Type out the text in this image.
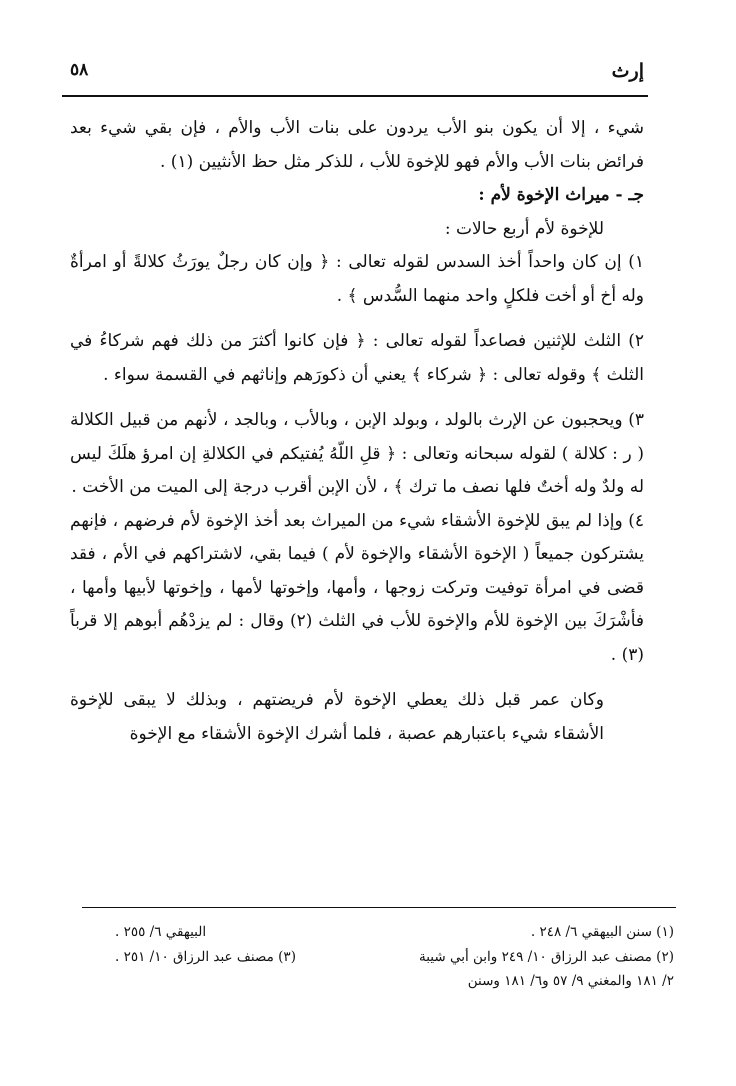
إرث
٥٨

شيء ، إلا أن يكون بنو الأب يردون على بنات الأب والأم ، فإن بقي شيء بعد فرائض بنات الأب والأم فهو للإخوة للأب ، للذكر مثل حظ الأنثيين (١) .

جـ - ميراث الإخوة لأم :

للإخوة لأم أربع حالات :

١) إن كان واحداً أخذ السدس لقوله تعالى : ﴿ وإن كان رجلٌ يورَثُ كلالةً أو امرأةٌ وله أخ أو أخت فلكلٍ واحد منهما السُّدس ﴾ .

٢) الثلث للإثنين فصاعداً لقوله تعالى : ﴿ فإن كانوا أكثرَ من ذلك فهم شركاءُ في الثلث ﴾ وقوله تعالى : ﴿ شركاء ﴾ يعني أن ذكورَهم وإناثهم في القسمة سواء .

٣) ويحجبون عن الإرث بالولد ، وبولد الإبن ، وبالأب ، وبالجد ، لأنهم من قبيل الكلالة ( ر : كلالة ) لقوله سبحانه وتعالى : ﴿ قلِ اللّهُ يُفتيكم في الكلالةِ إن امرؤ هلَكَ ليس له ولدٌ وله أختٌ فلها نصف ما ترك ﴾ ، لأن الإبن أقرب درجة إلى الميت من الأخت .

٤) وإذا لم يبق للإخوة الأشقاء شيء من الميراث بعد أخذ الإخوة لأم فرضهم ، فإنهم يشتركون جميعاً ( الإخوة الأشقاء والإخوة لأم ) فيما بقي، لاشتراكهم في الأم ، فقد قضى في امرأة توفيت وتركت زوجها ، وأمها، وإخوتها لأمها ، وإخوتها لأبيها وأمها ، فأشْرَكَ بين الإخوة للأم والإخوة للأب في الثلث (٢) وقال : لم يزدْهُم أبوهم إلا قرباً (٣) .

وكان عمر قبل ذلك يعطي الإخوة لأم فريضتهم ، وبذلك لا يبقى للإخوة الأشقاء شيء باعتبارهم عصبة ، فلما أشرك الإخوة الأشقاء مع الإخوة

(١) سنن البيهقي ٦/ ٢٤٨ .
البيهقي ٦/ ٢٥٥ .
(٢) مصنف عبد الرزاق ١٠/ ٢٤٩ وابن أبي شيبة
(٣) مصنف عبد الرزاق ١٠/ ٢٥١ .
٢/ ١٨١ والمغني ٩/ ٥٧ و٦/ ١٨١ وسنن
